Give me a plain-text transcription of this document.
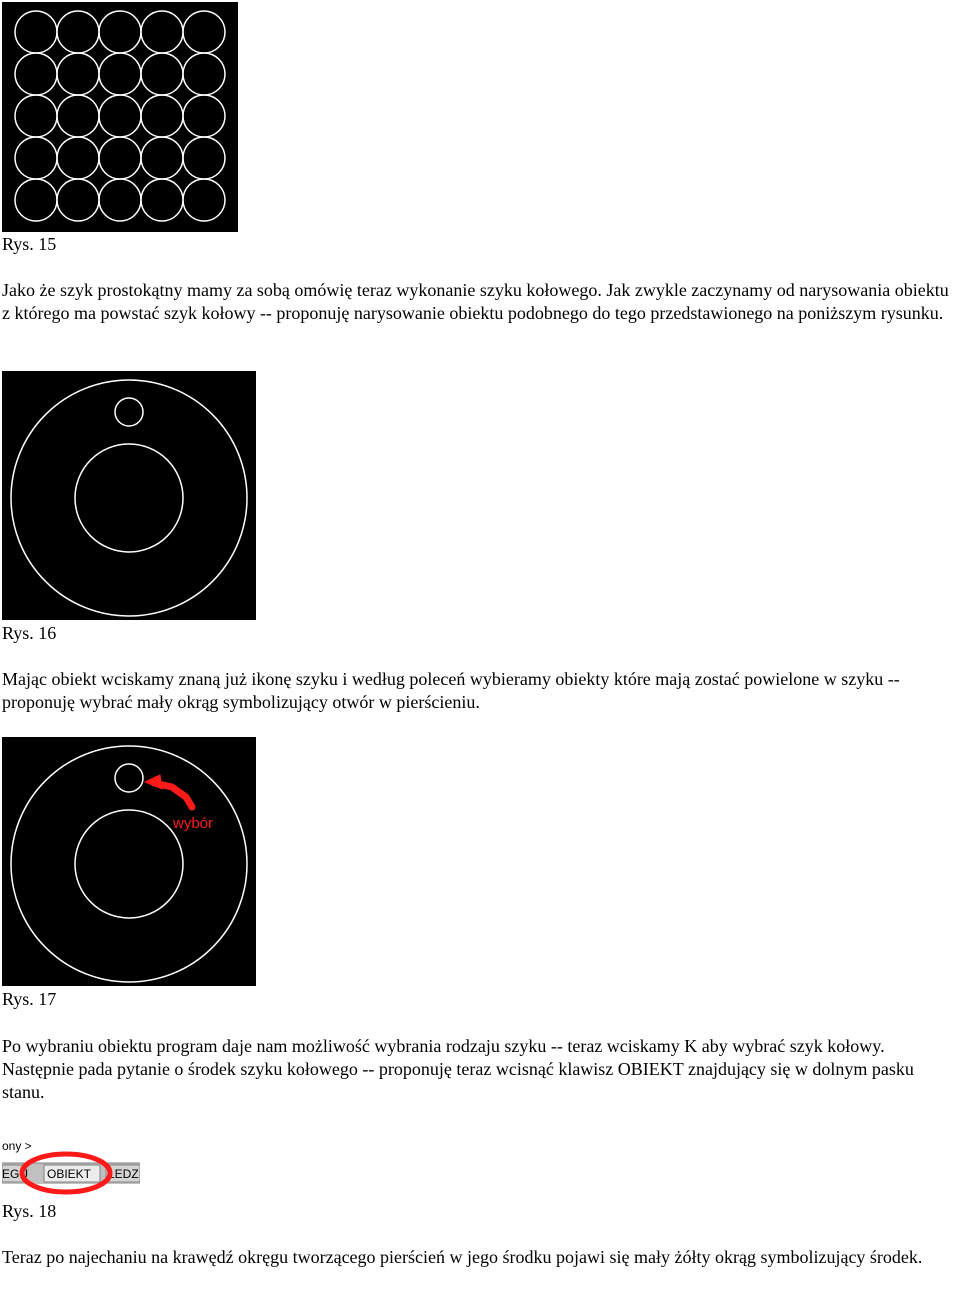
Rys. 15

Jako że szyk prostokątny mamy za sobą omówię teraz wykonanie szyku kołowego. Jak zwykle zaczynamy od narysowania obiektu z którego ma powstać szyk kołowy -- proponuję narysowanie obiektu podobnego do tego przedstawionego na poniższym rysunku.

Rys. 16

Mając obiekt wciskamy znaną już ikonę szyku i według poleceń wybieramy obiekty które mają zostać powielone w szyku -- proponuję wybrać mały okrąg symbolizujący otwór w pierścieniu.

wybór

Rys. 17

Po wybraniu obiektu program daje nam możliwość wybrania rodzaju szyku -- teraz wciskamy K aby wybrać szyk kołowy. Następnie pada pytanie o środek szyku kołowego -- proponuję teraz wcisnąć klawisz OBIEKT znajdujący się w dolnym pasku stanu.

ony >
EGU OBIEKT LEDZ

Rys. 18

Teraz po najechaniu na krawędź okręgu tworzącego pierścień w jego środku pojawi się mały żółty okrąg symbolizujący środek.
